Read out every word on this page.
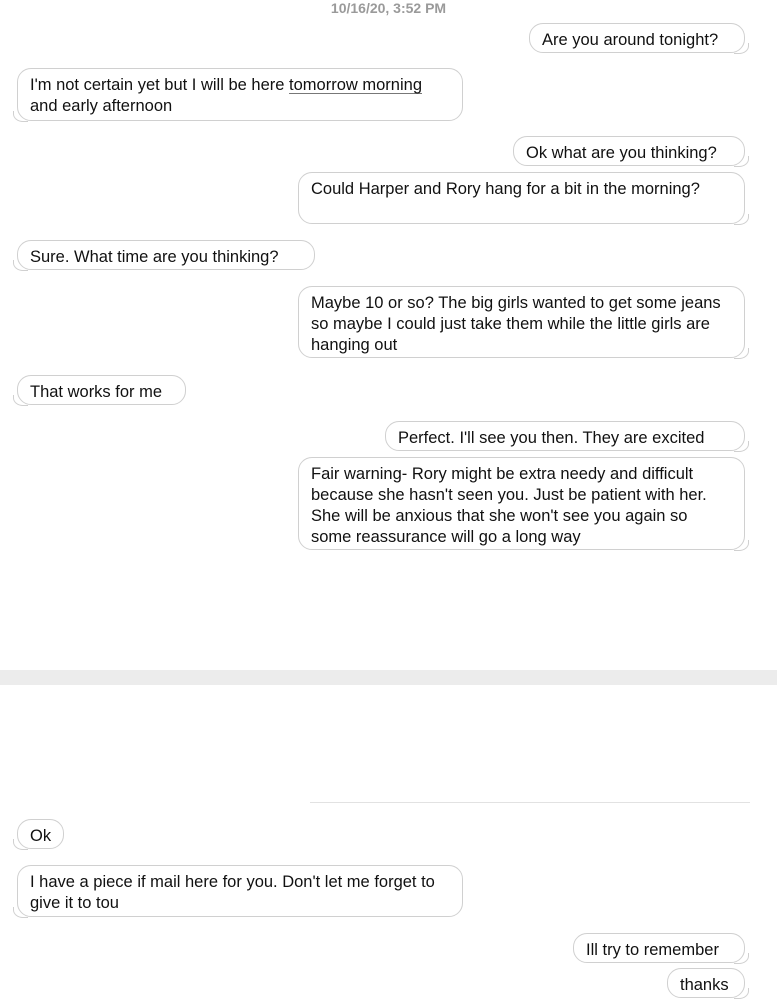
10/16/20, 3:52 PM
Are you around tonight?
I'm not certain yet but I will be here tomorrow morning and early afternoon
Ok what are you thinking?
Could Harper and Rory hang for a bit in the morning?
Sure. What time are you thinking?
Maybe 10 or so? The big girls wanted to get some jeans so maybe I could just take them while the little girls are hanging out
That works for me
Perfect. I'll see you then. They are excited
Fair warning- Rory might be extra needy and difficult because she hasn't seen you. Just be patient with her. She will be anxious that she won't see you again so some reassurance will go a long way
Ok
I have a piece if mail here for you. Don't let me forget to give it to tou
Ill try to remember
thanks
